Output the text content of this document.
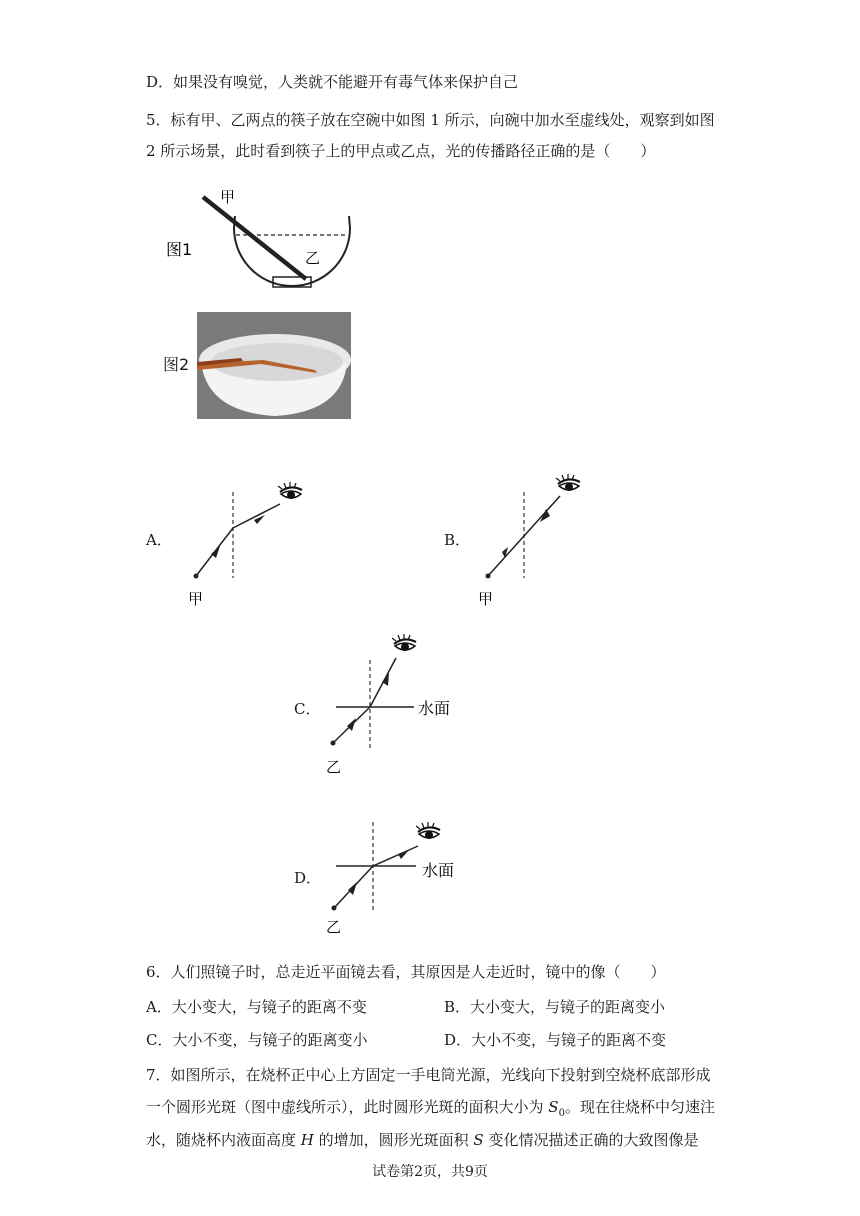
D．如果没有嗅觉，人类就不能避开有毒气体来保护自己
5．标有甲、乙两点的筷子放在空碗中如图 1 所示，向碗中加水至虚线处，观察到如图
2 所示场景，此时看到筷子上的甲点或乙点，光的传播路径正确的是（　　）
图1
甲
乙
图2
A．
甲
B．
甲
C．	水面
乙
D．	水面
乙
6．人们照镜子时，总走近平面镜去看，其原因是人走近时，镜中的像（　　）
A．大小变大，与镜子的距离不变	B．大小变大，与镜子的距离变小
C．大小不变，与镜子的距离变小	D．大小不变，与镜子的距离不变
7．如图所示，在烧杯正中心上方固定一手电筒光源，光线向下投射到空烧杯底部形成
一个圆形光斑（图中虚线所示），此时圆形光斑的面积大小为 $S_0$。现在往烧杯中匀速注
水，随烧杯内液面高度 H 的增加，圆形光斑面积 S 变化情况描述正确的大致图像是
试卷第2页，共9页
